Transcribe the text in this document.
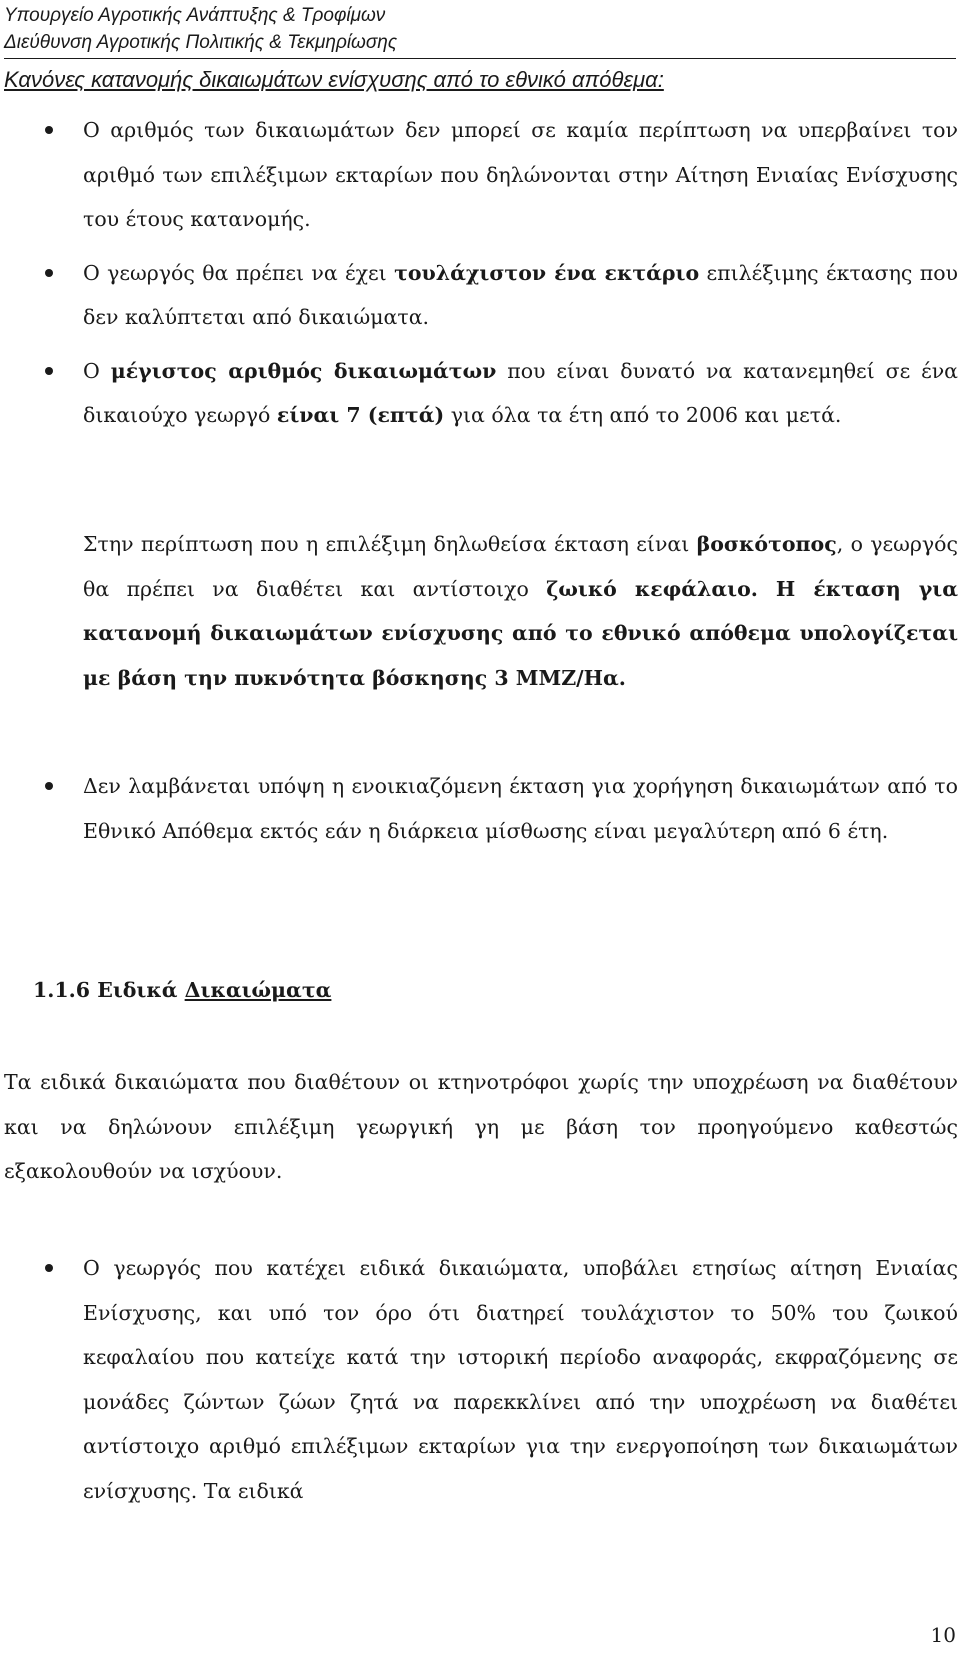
Υπουργείο Αγροτικής Ανάπτυξης & Τροφίμων
Διεύθυνση Αγροτικής Πολιτικής & Τεκμηρίωσης
Κανόνες κατανομής δικαιωμάτων ενίσχυσης από το εθνικό απόθεμα:

Ο αριθμός των δικαιωμάτων δεν μπορεί σε καμία περίπτωση να υπερβαίνει τον αριθμό των επιλέξιμων εκταρίων που δηλώνονται στην Αίτηση Ενιαίας Ενίσχυσης του έτους κατανομής.

Ο γεωργός θα πρέπει να έχει τουλάχιστον ένα εκτάριο επιλέξιμης έκτασης που δεν καλύπτεται από δικαιώματα.

Ο μέγιστος αριθμός δικαιωμάτων που είναι δυνατό να κατανεμηθεί σε ένα δικαιούχο γεωργό είναι 7 (επτά) για όλα τα έτη από το 2006 και μετά.

Στην περίπτωση που η επιλέξιμη δηλωθείσα έκταση είναι βοσκότοπος, ο γεωργός θα πρέπει να διαθέτει και αντίστοιχο ζωικό κεφάλαιο. Η έκταση για κατανομή δικαιωμάτων ενίσχυσης από το εθνικό απόθεμα υπολογίζεται με βάση την πυκνότητα βόσκησης 3 ΜΜΖ/Ηα.

Δεν λαμβάνεται υπόψη η ενοικιαζόμενη έκταση για χορήγηση δικαιωμάτων από το Εθνικό Απόθεμα εκτός εάν η διάρκεια μίσθωσης είναι μεγαλύτερη από 6 έτη.

1.1.6 Ειδικά Δικαιώματα

Τα ειδικά δικαιώματα που διαθέτουν οι κτηνοτρόφοι χωρίς την υποχρέωση να διαθέτουν και να δηλώνουν επιλέξιμη γεωργική γη με βάση τον προηγούμενο καθεστώς εξακολουθούν να ισχύουν.

Ο γεωργός που κατέχει ειδικά δικαιώματα, υποβάλει ετησίως αίτηση Ενιαίας Ενίσχυσης, και υπό τον όρο ότι διατηρεί τουλάχιστον το 50% του ζωικού κεφαλαίου που κατείχε κατά την ιστορική περίοδο αναφοράς, εκφραζόμενης σε μονάδες ζώντων ζώων ζητά να παρεκκλίνει από την υποχρέωση να διαθέτει αντίστοιχο αριθμό επιλέξιμων εκταρίων για την ενεργοποίηση των δικαιωμάτων ενίσχυσης. Τα ειδικά

10
